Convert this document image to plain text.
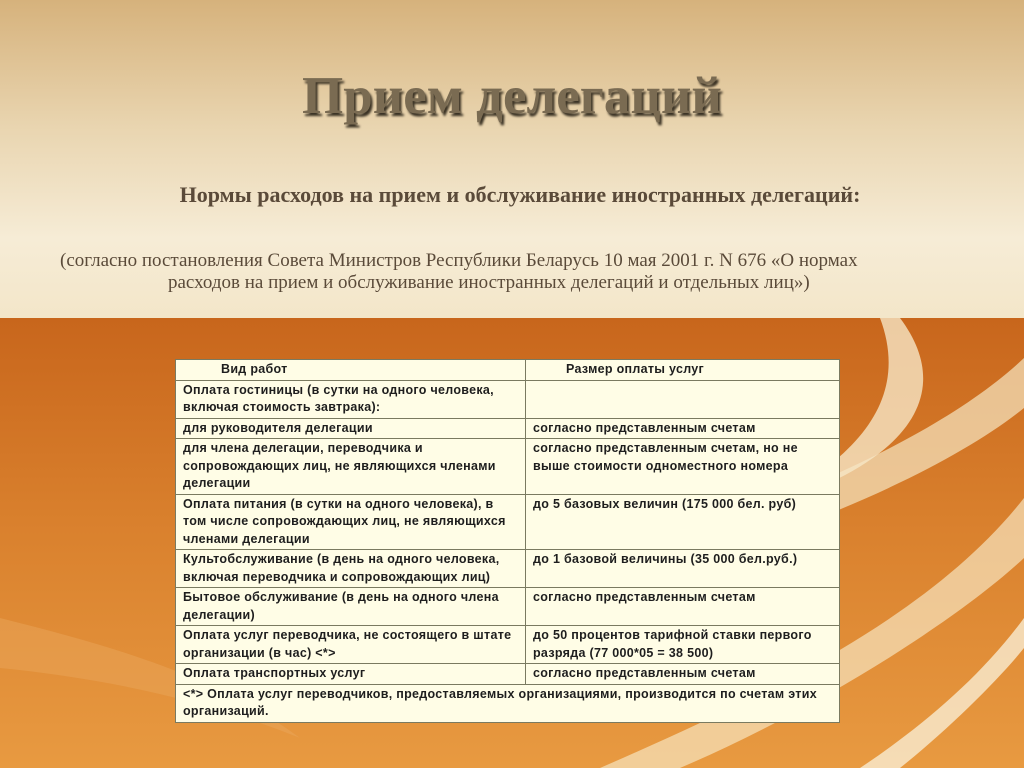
Прием делегаций
Нормы расходов на прием и обслуживание иностранных делегаций:
(согласно постановления Совета Министров Республики Беларусь 10 мая 2001 г. N 676 «О нормах
расходов на прием и обслуживание иностранных делегаций и отдельных лиц»)
Вид работ	Размер оплаты услуг
Оплата гостиницы (в сутки на одного человека, включая стоимость завтрака):	
для руководителя делегации	согласно представленным счетам
для члена делегации, переводчика и сопровождающих лиц, не являющихся членами делегации	согласно представленным счетам, но не выше стоимости одноместного номера
Оплата питания (в сутки на одного человека), в том числе сопровождающих лиц, не являющихся членами делегации	до 5 базовых величин (175 000 бел. руб)
Культобслуживание (в день на одного человека, включая переводчика и сопровождающих лиц)	до 1 базовой величины (35 000 бел.руб.)
Бытовое обслуживание (в день на одного члена делегации)	согласно представленным счетам
Оплата услуг переводчика, не состоящего в штате организации (в час) <*>	до 50 процентов тарифной ставки первого разряда (77 000*05 = 38 500)
Оплата транспортных услуг	согласно представленным счетам
<*> Оплата услуг переводчиков, предоставляемых организациями, производится по счетам этих организаций.	
